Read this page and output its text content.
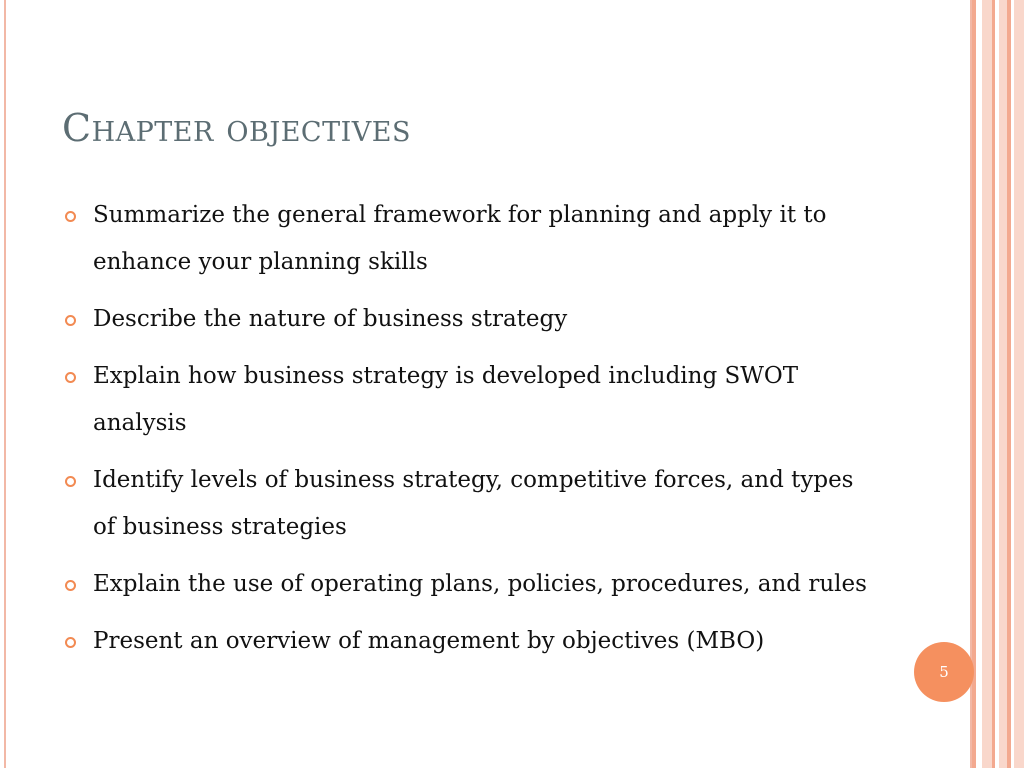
Chapter objectives
Summarize the general framework for planning and apply it to enhance your planning skills
Describe the nature of business strategy
Explain how business strategy is developed including SWOT analysis
Identify levels of business strategy, competitive forces, and types of business strategies
Explain the use of operating plans, policies, procedures, and rules
Present an overview of management by objectives (MBO)
5
